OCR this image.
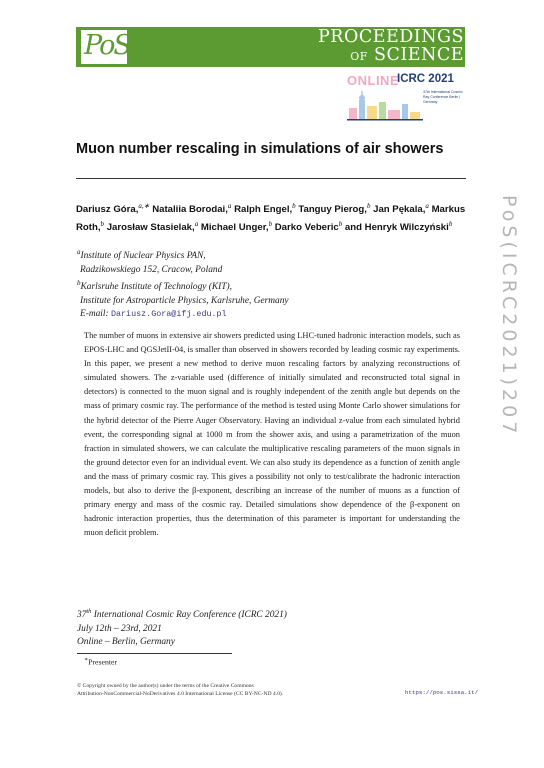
PoS	PROCEEDINGS
OF SCIENCE
ONLINE
ICRC 2021
37th International Cosmic Ray Conference Berlin | Germany
Muon number rescaling in simulations of air showers
Dariusz Góra,$^{a,∗}$ Nataliia Borodai,$^a$ Ralph Engel,$^b$ Tanguy Pierog,$^b$ Jan Pękala,$^a$ Markus Roth,$^b$ Jarosław Stasielak,$^a$ Michael Unger,$^b$ Darko Veberic$^b$ and Henryk Wilczyński$^b$
$^a$Institute of Nuclear Physics PAN,
Radzikowskiego 152, Cracow, Poland
$^b$Karlsruhe Institute of Technology (KIT),
Institute for Astroparticle Physics, Karlsruhe, Germany
E-mail: Dariusz.Gora@ifj.edu.pl
The number of muons in extensive air showers predicted using LHC-tuned hadronic interaction models, such as EPOS-LHC and QGSJetII-04, is smaller than observed in showers recorded by leading cosmic ray experiments. In this paper, we present a new method to derive muon rescaling factors by analyzing reconstructions of simulated showers. The z-variable used (difference of initially simulated and reconstructed total signal in detectors) is connected to the muon signal and is roughly independent of the zenith angle but depends on the mass of primary cosmic ray. The performance of the method is tested using Monte Carlo shower simulations for the hybrid detector of the Pierre Auger Observatory. Having an individual z-value from each simulated hybrid event, the corresponding signal at 1000 m from the shower axis, and using a parametrization of the muon fraction in simulated showers, we can calculate the multiplicative rescaling parameters of the muon signals in the ground detector even for an individual event. We can also study its dependence as a function of zenith angle and the mass of primary cosmic ray. This gives a possibility not only to test/calibrate the hadronic interaction models, but also to derive the β-exponent, describing an increase of the number of muons as a function of primary energy and mass of the cosmic ray. Detailed simulations show dependence of the β-exponent on hadronic interaction properties, thus the determination of this parameter is important for understanding the muon deficit problem.
37th International Cosmic Ray Conference (ICRC 2021)
July 12th – 23rd, 2021
Online – Berlin, Germany
∗Presenter
© Copyright owned by the author(s) under the terms of the Creative Commons
Attribution-NonCommercial-NoDerivatives 4.0 International License (CC BY-NC-ND 4.0).	https://pos.sissa.it/
PoS(ICRC2021)207
